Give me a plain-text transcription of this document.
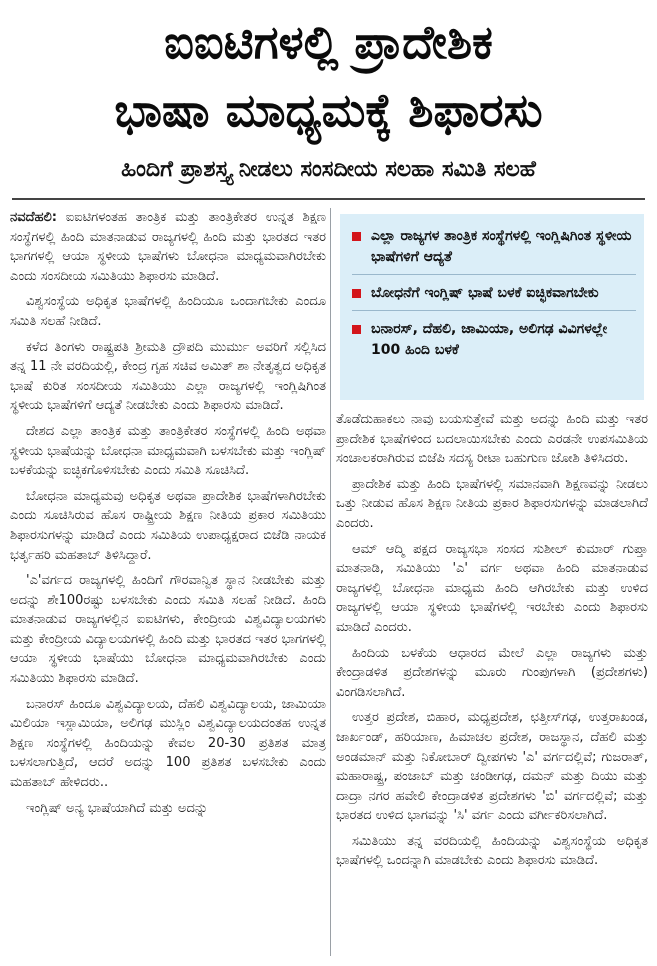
ಐಐಟಿಗಳಲ್ಲಿ ಪ್ರಾದೇಶಿಕ
ಭಾಷಾ ಮಾಧ್ಯಮಕ್ಕೆ ಶಿಫಾರಸು
ಹಿಂದಿಗೆ ಪ್ರಾಶಸ್ತ್ಯ ನೀಡಲು ಸಂಸದೀಯ ಸಲಹಾ ಸಮಿತಿ ಸಲಹೆ

ನವದೆಹಲಿ: ಐಐಟಿಗಳಂತಹ ತಾಂತ್ರಿಕ ಮತ್ತು ತಾಂತ್ರಿಕೇತರ ಉನ್ನತ ಶಿಕ್ಷಣ ಸಂಸ್ಥೆಗಳಲ್ಲಿ ಹಿಂದಿ ಮಾತನಾಡುವ ರಾಜ್ಯಗಳಲ್ಲಿ ಹಿಂದಿ ಮತ್ತು ಭಾರತದ ಇತರ ಭಾಗಗಳಲ್ಲಿ ಆಯಾ ಸ್ಥಳೀಯ ಭಾಷೆಗಳು ಬೋಧನಾ ಮಾಧ್ಯಮವಾಗಿರಬೇಕು ಎಂದು ಸಂಸದೀಯ ಸಮಿತಿಯು ಶಿಫಾರಸು ಮಾಡಿದೆ.

ವಿಶ್ವಸಂಸ್ಥೆಯ ಅಧಿಕೃತ ಭಾಷೆಗಳಲ್ಲಿ ಹಿಂದಿಯೂ ಒಂದಾಗಬೇಕು ಎಂದೂ ಸಮಿತಿ ಸಲಹೆ ನೀಡಿದೆ.

ಕಳೆದ ತಿಂಗಳು ರಾಷ್ಟ್ರಪತಿ ಶ್ರೀಮತಿ ದ್ರೌಪದಿ ಮುರ್ಮು ಅವರಿಗೆ ಸಲ್ಲಿಸಿದ ತನ್ನ 11 ನೇ ವರದಿಯಲ್ಲಿ, ಕೇಂದ್ರ ಗೃಹ ಸಚಿವ ಅಮಿತ್ ಶಾ ನೇತೃತ್ವದ ಅಧಿಕೃತ ಭಾಷೆ ಕುರಿತ ಸಂಸದೀಯ ಸಮಿತಿಯು ಎಲ್ಲಾ ರಾಜ್ಯಗಳಲ್ಲಿ ಇಂಗ್ಲಿಷಿಗಿಂತ ಸ್ಥಳೀಯ ಭಾಷೆಗಳಿಗೆ ಆದ್ಯತೆ ನೀಡಬೇಕು ಎಂದು ಶಿಫಾರಸು ಮಾಡಿದೆ.

ದೇಶದ ಎಲ್ಲಾ ತಾಂತ್ರಿಕ ಮತ್ತು ತಾಂತ್ರಿಕೇತರ ಸಂಸ್ಥೆಗಳಲ್ಲಿ ಹಿಂದಿ ಅಥವಾ ಸ್ಥಳೀಯ ಭಾಷೆಯನ್ನು ಬೋಧನಾ ಮಾಧ್ಯಮವಾಗಿ ಬಳಸಬೇಕು ಮತ್ತು ಇಂಗ್ಲಿಷ್ ಬಳಕೆಯನ್ನು ಐಚ್ಛಿಕಗೊಳಿಸಬೇಕು ಎಂದು ಸಮಿತಿ ಸೂಚಿಸಿದೆ.

ಬೋಧನಾ ಮಾಧ್ಯಮವು ಅಧಿಕೃತ ಅಥವಾ ಪ್ರಾದೇಶಿಕ ಭಾಷೆಗಳಾಗಿರಬೇಕು ಎಂದು ಸೂಚಿಸಿರುವ ಹೊಸ ರಾಷ್ಟ್ರೀಯ ಶಿಕ್ಷಣ ನೀತಿಯ ಪ್ರಕಾರ ಸಮಿತಿಯು ಶಿಫಾರಸುಗಳನ್ನು ಮಾಡಿದೆ ಎಂದು ಸಮಿತಿಯ ಉಪಾಧ್ಯಕ್ಷರಾದ ಬಿಜೆಡಿ ನಾಯಕ ಭರ್ತೃಹರಿ ಮಹತಾಬ್ ತಿಳಿಸಿದ್ದಾರೆ.

'ಎ'ವರ್ಗದ ರಾಜ್ಯಗಳಲ್ಲಿ ಹಿಂದಿಗೆ ಗೌರವಾನ್ವಿತ ಸ್ಥಾನ ನೀಡಬೇಕು ಮತ್ತು ಅದನ್ನು ಶೇ100ರಷ್ಟು ಬಳಸಬೇಕು ಎಂದು ಸಮಿತಿ ಸಲಹೆ ನೀಡಿದೆ. ಹಿಂದಿ ಮಾತನಾಡುವ ರಾಜ್ಯಗಳಲ್ಲಿನ ಐಐಟಿಗಳು, ಕೇಂದ್ರೀಯ ವಿಶ್ವವಿದ್ಯಾಲಯಗಳು ಮತ್ತು ಕೇಂದ್ರೀಯ ವಿದ್ಯಾಲಯಗಳಲ್ಲಿ ಹಿಂದಿ ಮತ್ತು ಭಾರತದ ಇತರ ಭಾಗಗಳಲ್ಲಿ ಆಯಾ ಸ್ಥಳೀಯ ಭಾಷೆಯು ಬೋಧನಾ ಮಾಧ್ಯಮವಾಗಿರಬೇಕು ಎಂದು ಸಮಿತಿಯು ಶಿಫಾರಸು ಮಾಡಿದೆ.

ಬನಾರಸ್ ಹಿಂದೂ ವಿಶ್ವವಿದ್ಯಾಲಯ, ದೆಹಲಿ ವಿಶ್ವವಿದ್ಯಾಲಯ, ಜಾಮಿಯಾ ಮಿಲಿಯಾ ಇಸ್ಲಾಮಿಯಾ, ಅಲಿಗಢ ಮುಸ್ಲಿಂ ವಿಶ್ವವಿದ್ಯಾಲಯದಂತಹ ಉನ್ನತ ಶಿಕ್ಷಣ ಸಂಸ್ಥೆಗಳಲ್ಲಿ ಹಿಂದಿಯನ್ನು ಕೇವಲ 20-30 ಪ್ರತಿಶತ ಮಾತ್ರ ಬಳಸಲಾಗುತ್ತಿದೆ, ಆದರೆ ಅದನ್ನು 100 ಪ್ರತಿಶತ ಬಳಸಬೇಕು ಎಂದು ಮಹತಾಬ್ ಹೇಳಿದರು..

ಇಂಗ್ಲಿಷ್ ಅನ್ಯ ಭಾಷೆಯಾಗಿದೆ ಮತ್ತು ಅದನ್ನು

ಎಲ್ಲಾ ರಾಜ್ಯಗಳ ತಾಂತ್ರಿಕ ಸಂಸ್ಥೆಗಳಲ್ಲಿ ಇಂಗ್ಲಿಷಿಗಿಂತ ಸ್ಥಳೀಯ ಭಾಷೆಗಳಿಗೆ ಆದ್ಯತೆ
ಬೋಧನೆಗೆ ಇಂಗ್ಲಿಷ್ ಭಾಷೆ ಬಳಕೆ ಐಚ್ಛಿಕವಾಗಬೇಕು
ಬನಾರಸ್, ದೆಹಲಿ, ಜಾಮಿಯಾ, ಅಲಿಗಢ ವಿವಿಗಳಲ್ಲೇ 100 ಹಿಂದಿ ಬಳಕೆ

ತೊಡೆದುಹಾಕಲು ನಾವು ಬಯಸುತ್ತೇವೆ ಮತ್ತು ಅದನ್ನು ಹಿಂದಿ ಮತ್ತು ಇತರ ಪ್ರಾದೇಶಿಕ ಭಾಷೆಗಳಿಂದ ಬದಲಾಯಿಸಬೇಕು ಎಂದು ಎರಡನೇ ಉಪಸಮಿತಿಯ ಸಂಚಾಲಕರಾಗಿರುವ ಬಿಜೆಪಿ ಸದಸ್ಯ ರೀಟಾ ಬಹುಗುಣ ಜೋಶಿ ತಿಳಿಸಿದರು.

ಪ್ರಾದೇಶಿಕ ಮತ್ತು ಹಿಂದಿ ಭಾಷೆಗಳಲ್ಲಿ ಸಮಾನವಾಗಿ ಶಿಕ್ಷಣವನ್ನು ನೀಡಲು ಒತ್ತು ನೀಡುವ ಹೊಸ ಶಿಕ್ಷಣ ನೀತಿಯ ಪ್ರಕಾರ ಶಿಫಾರಸುಗಳನ್ನು ಮಾಡಲಾಗಿದೆ ಎಂದರು.

ಆಮ್ ಆದ್ಮಿ ಪಕ್ಷದ ರಾಜ್ಯಸಭಾ ಸಂಸದ ಸುಶೀಲ್ ಕುಮಾರ್ ಗುಪ್ತಾ ಮಾತನಾಡಿ, ಸಮಿತಿಯು 'ಎ' ವರ್ಗ ಅಥವಾ ಹಿಂದಿ ಮಾತನಾಡುವ ರಾಜ್ಯಗಳಲ್ಲಿ ಬೋಧನಾ ಮಾಧ್ಯಮ ಹಿಂದಿ ಆಗಿರಬೇಕು ಮತ್ತು ಉಳಿದ ರಾಜ್ಯಗಳಲ್ಲಿ ಆಯಾ ಸ್ಥಳೀಯ ಭಾಷೆಗಳಲ್ಲಿ ಇರಬೇಕು ಎಂದು ಶಿಫಾರಸು ಮಾಡಿದೆ ಎಂದರು.

ಹಿಂದಿಯ ಬಳಕೆಯ ಆಧಾರದ ಮೇಲೆ ಎಲ್ಲಾ ರಾಜ್ಯಗಳು ಮತ್ತು ಕೇಂದ್ರಾಡಳಿತ ಪ್ರದೇಶಗಳನ್ನು ಮೂರು ಗುಂಪುಗಳಾಗಿ (ಪ್ರದೇಶಗಳು) ವಿಂಗಡಿಸಲಾಗಿದೆ.

ಉತ್ತರ ಪ್ರದೇಶ, ಬಿಹಾರ, ಮಧ್ಯಪ್ರದೇಶ, ಛತ್ತೀಸ್‌ಗಢ, ಉತ್ತರಾಖಂಡ, ಜಾರ್ಖಂಡ್, ಹರಿಯಾಣ, ಹಿಮಾಚಲ ಪ್ರದೇಶ, ರಾಜಸ್ಥಾನ, ದೆಹಲಿ ಮತ್ತು ಅಂಡಮಾನ್ ಮತ್ತು ನಿಕೋಬಾರ್ ದ್ವೀಪಗಳು 'ಎ' ವರ್ಗದಲ್ಲಿವೆ; ಗುಜರಾತ್, ಮಹಾರಾಷ್ಟ್ರ, ಪಂಜಾಬ್ ಮತ್ತು ಚಂಡೀಗಢ, ದಮನ್ ಮತ್ತು ದಿಯು ಮತ್ತು ದಾದ್ರಾ ನಗರ ಹವೇಲಿ ಕೇಂದ್ರಾಡಳಿತ ಪ್ರದೇಶಗಳು 'ಬಿ' ವರ್ಗದಲ್ಲಿವೆ; ಮತ್ತು ಭಾರತದ ಉಳಿದ ಭಾಗವನ್ನು 'ಸಿ' ವರ್ಗ ಎಂದು ವರ್ಗೀಕರಿಸಲಾಗಿದೆ.

ಸಮಿತಿಯು ತನ್ನ ವರದಿಯಲ್ಲಿ ಹಿಂದಿಯನ್ನು ವಿಶ್ವಸಂಸ್ಥೆಯ ಅಧಿಕೃತ ಭಾಷೆಗಳಲ್ಲಿ ಒಂದನ್ನಾಗಿ ಮಾಡಬೇಕು ಎಂದು ಶಿಫಾರಸು ಮಾಡಿದೆ.
